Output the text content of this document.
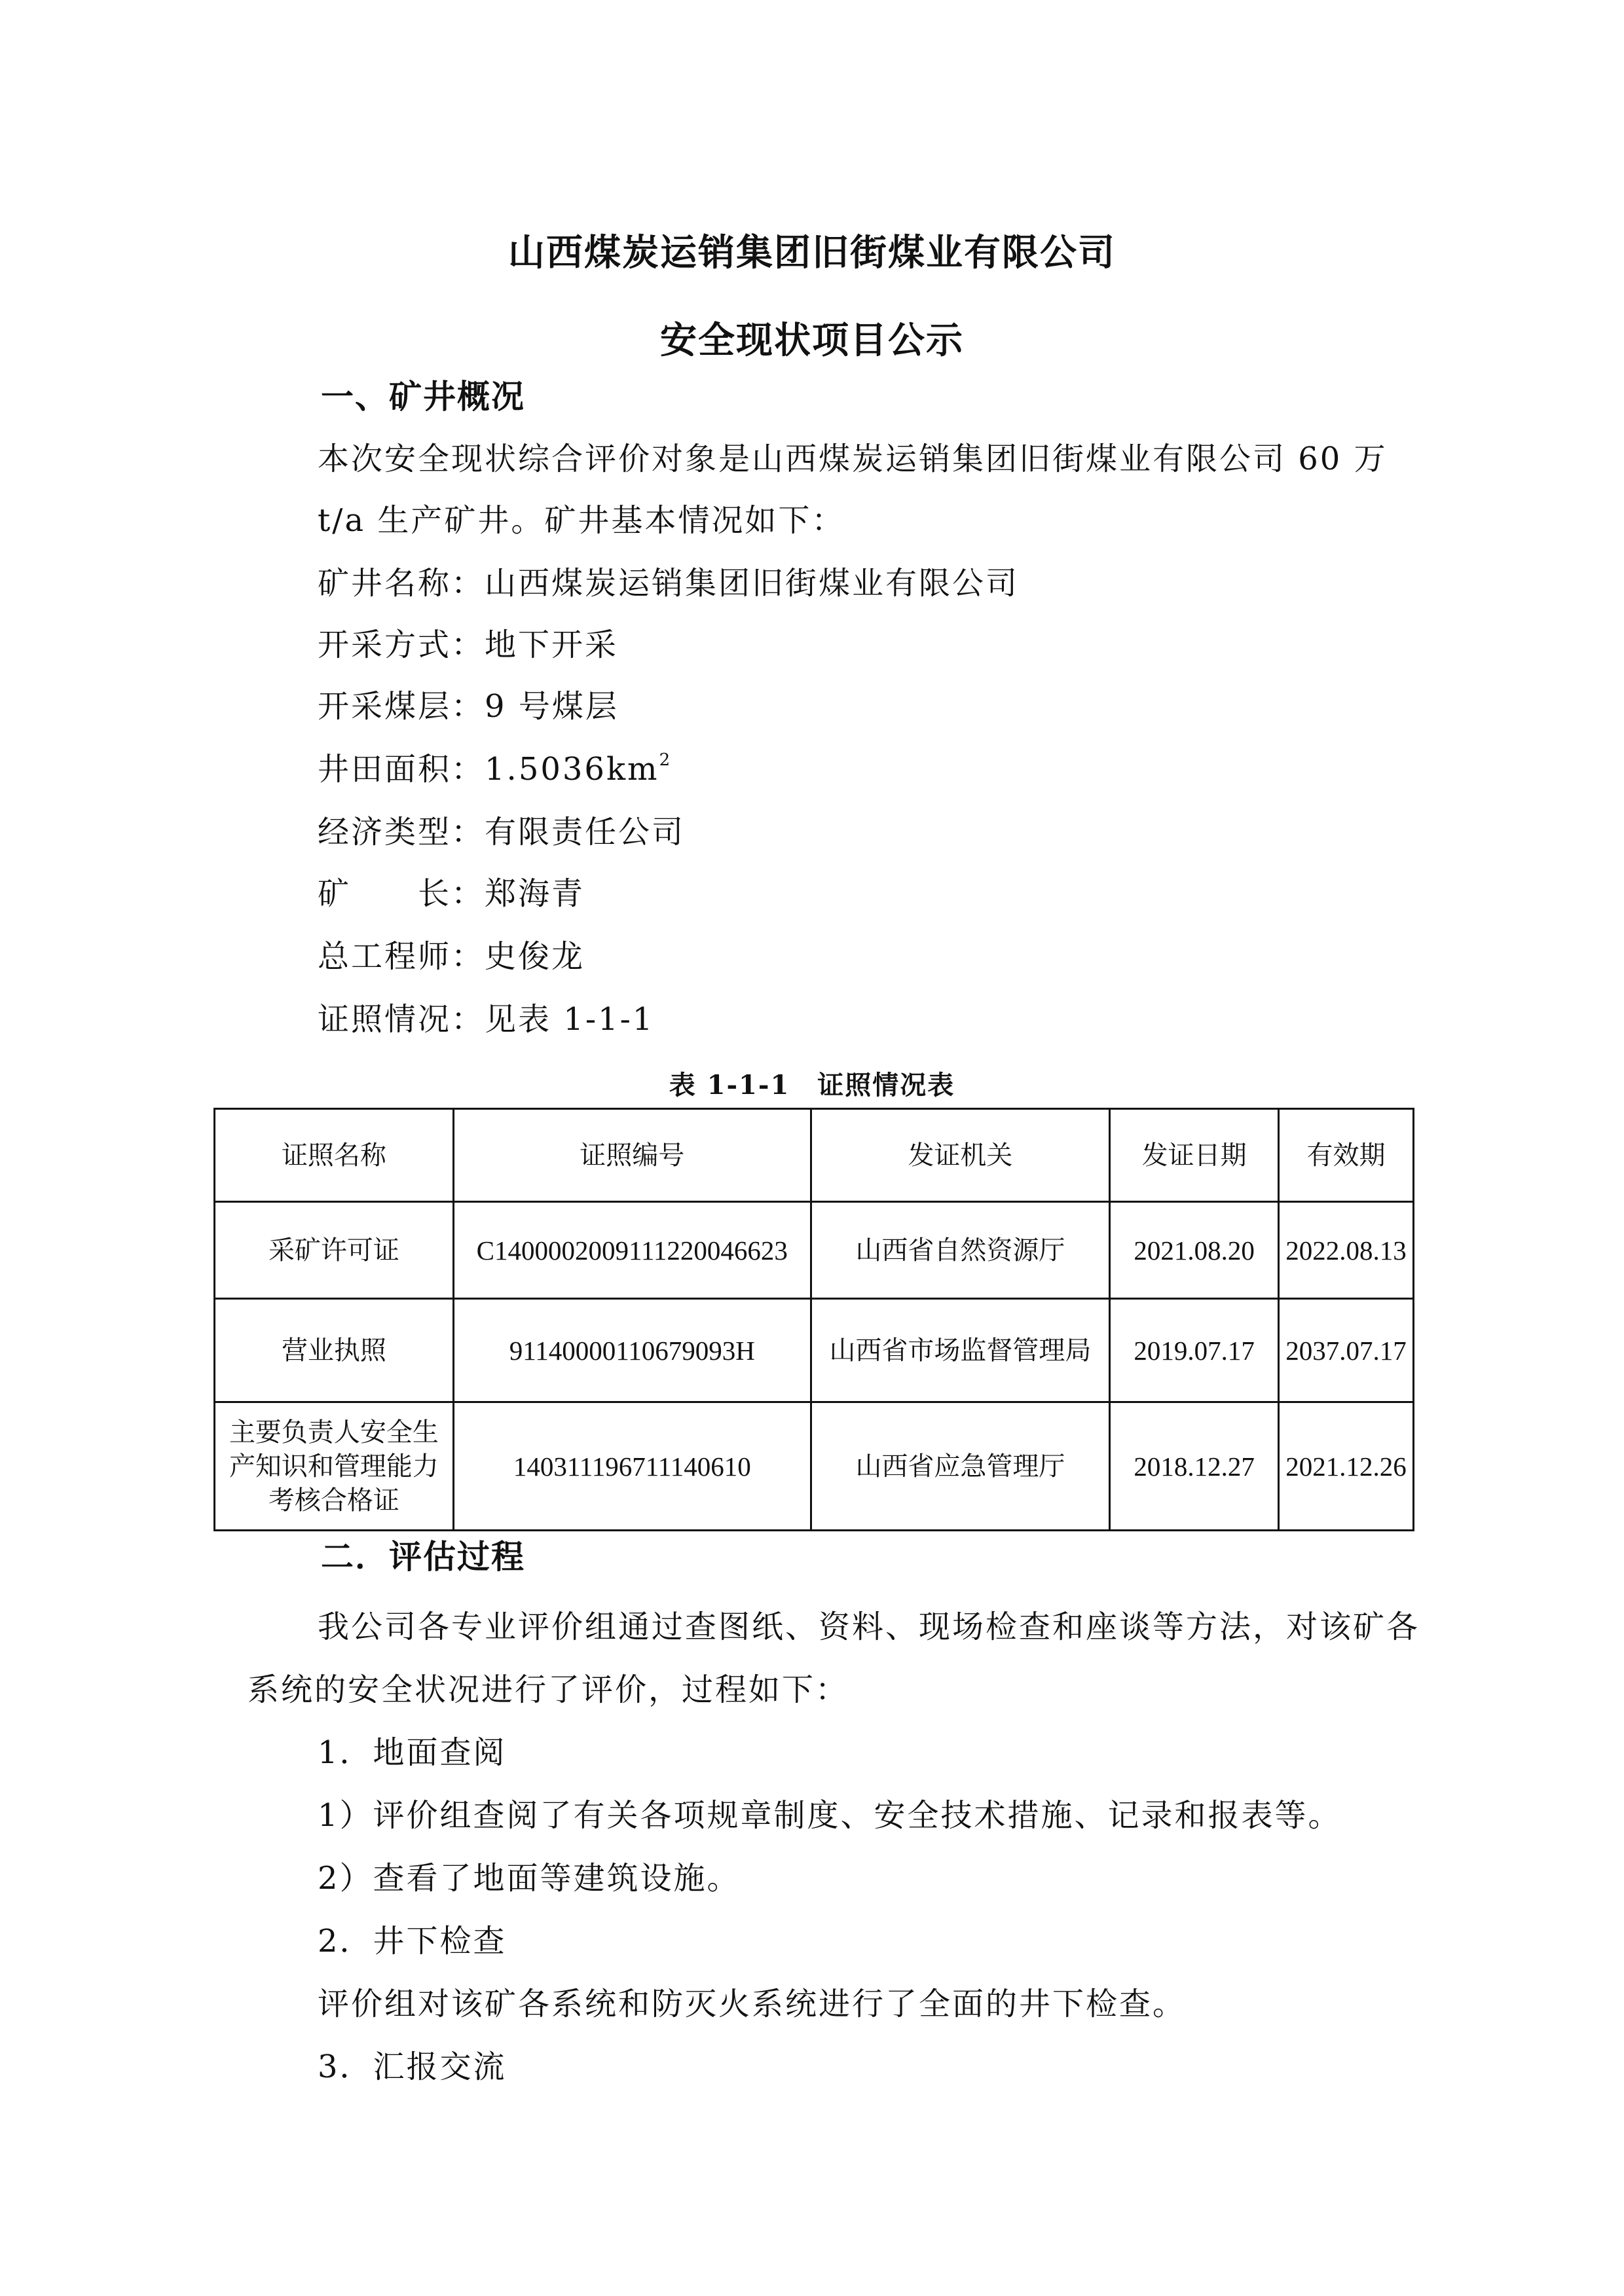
山西煤炭运销集团旧街煤业有限公司
安全现状项目公示
一、矿井概况
本次安全现状综合评价对象是山西煤炭运销集团旧街煤业有限公司 60 万
t/a 生产矿井。矿井基本情况如下：
矿井名称：山西煤炭运销集团旧街煤业有限公司
开采方式：地下开采
开采煤层：9 号煤层
井田面积：$1.5036km^2$
经济类型：有限责任公司
矿　　长：郑海青
总工程师：史俊龙
证照情况：见表 1-1-1
表 1-1-1　证照情况表
证照名称	证照编号	发证机关	发证日期	有效期
采矿许可证	C1400002009111220046623	山西省自然资源厅	2021.08.20	2022.08.13
营业执照	91140000110679093H	山西省市场监督管理局	2019.07.17	2037.07.17

主要负责人安全生
产知识和管理能力
考核合格证	140311196711140610	山西省应急管理厅	2018.12.27	2021.12.26
二．评估过程
我公司各专业评价组通过查图纸、资料、现场检查和座谈等方法，对该矿各
系统的安全状况进行了评价，过程如下：
1．地面查阅
1）评价组查阅了有关各项规章制度、安全技术措施、记录和报表等。
2）查看了地面等建筑设施。
2．井下检查
评价组对该矿各系统和防灭火系统进行了全面的井下检查。
3．汇报交流
